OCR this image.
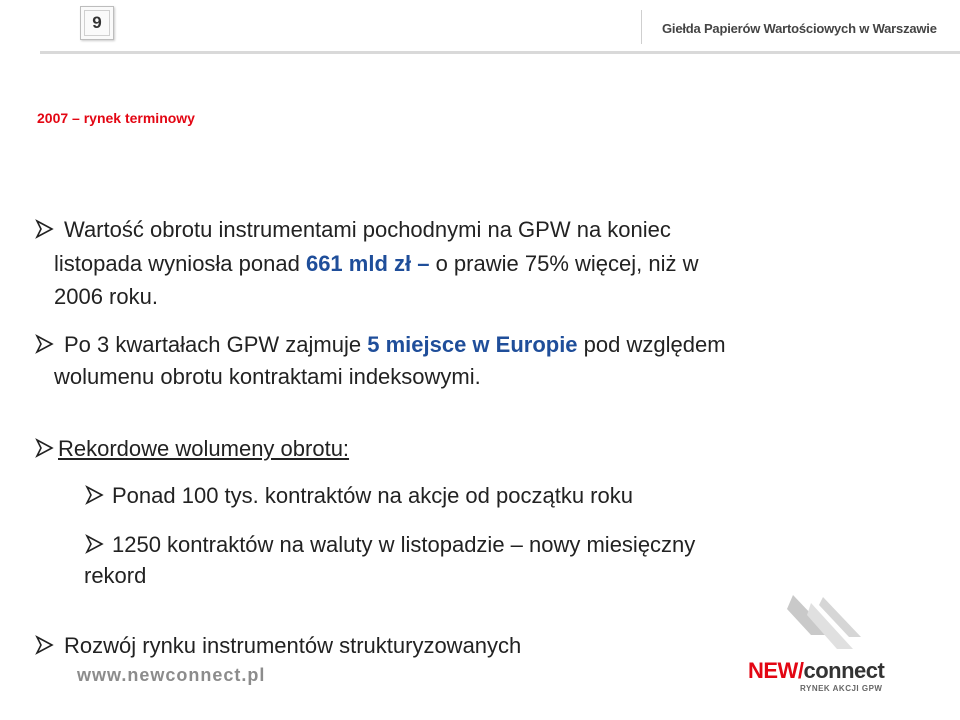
9	Giełda Papierów Wartościowych w Warszawie
2007 – rynek terminowy
Wartość obrotu instrumentami pochodnymi na GPW na koniec
listopada wyniosła ponad 661 mld zł – o prawie 75% więcej, niż w
2006 roku.
Po 3 kwartałach GPW zajmuje 5 miejsce w Europie pod względem
wolumenu obrotu kontraktami indeksowymi.
Rekordowe wolumeny obrotu:
Ponad 100 tys. kontraktów na akcje od początku roku
1250 kontraktów na waluty w listopadzie – nowy miesięczny
rekord
Rozwój rynku instrumentów strukturyzowanych
www.newconnect.pl	NEW/connect
RYNEK AKCJI GPW
